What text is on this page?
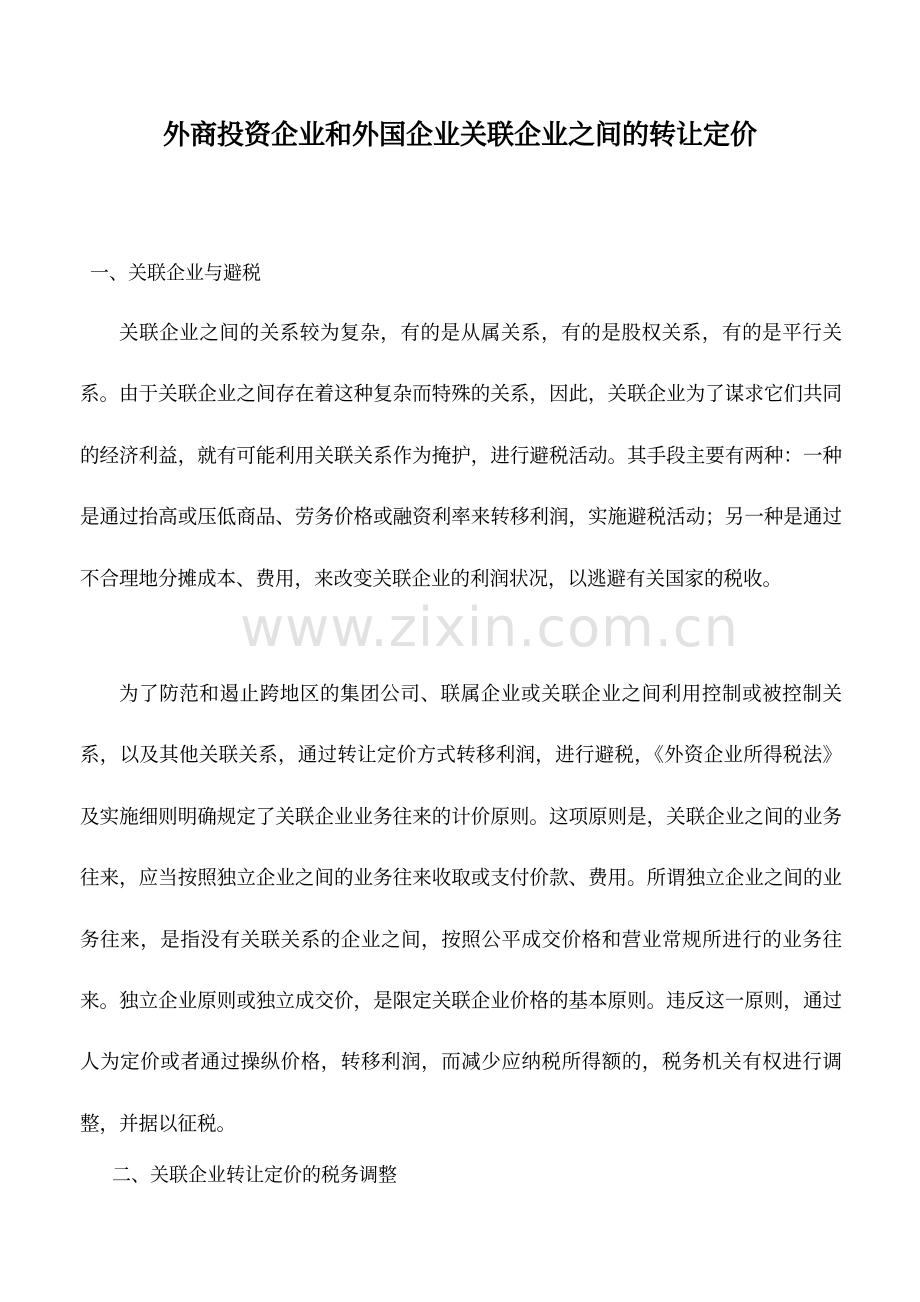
外商投资企业和外国企业关联企业之间的转让定价
一、关联企业与避税

关联企业之间的关系较为复杂，有的是从属关系，有的是股权关系，有的是平行关系。由于关联企业之间存在着这种复杂而特殊的关系，因此，关联企业为了谋求它们共同的经济利益，就有可能利用关联关系作为掩护，进行避税活动。其手段主要有两种：一种是通过抬高或压低商品、劳务价格或融资利率来转移利润，实施避税活动；另一种是通过不合理地分摊成本、费用，来改变关联企业的利润状况，以逃避有关国家的税收。

为了防范和遏止跨地区的集团公司、联属企业或关联企业之间利用控制或被控制关系，以及其他关联关系，通过转让定价方式转移利润，进行避税，《外资企业所得税法》及实施细则明确规定了关联企业业务往来的计价原则。这项原则是，关联企业之间的业务往来，应当按照独立企业之间的业务往来收取或支付价款、费用。所谓独立企业之间的业务往来，是指没有关联关系的企业之间，按照公平成交价格和营业常规所进行的业务往来。独立企业原则或独立成交价，是限定关联企业价格的基本原则。违反这一原则，通过人为定价或者通过操纵价格，转移利润，而减少应纳税所得额的，税务机关有权进行调整，并据以征税。

二、关联企业转让定价的税务调整
www.zixin.com.cn
